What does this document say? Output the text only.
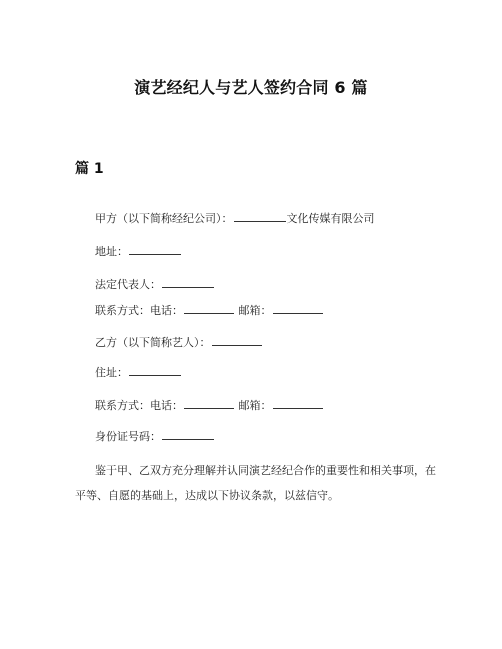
演艺经纪人与艺人签约合同 6 篇
篇 1
甲方（以下简称经纪公司）：	文化传媒有限公司
地址：
法定代表人：
联系方式：电话：	邮箱：
乙方（以下简称艺人）：
住址：
联系方式：电话：	邮箱：
身份证号码：
鉴于甲、乙双方充分理解并认同演艺经纪合作的重要性和相关事项，在平等、自愿的基础上，达成以下协议条款，以兹信守。
